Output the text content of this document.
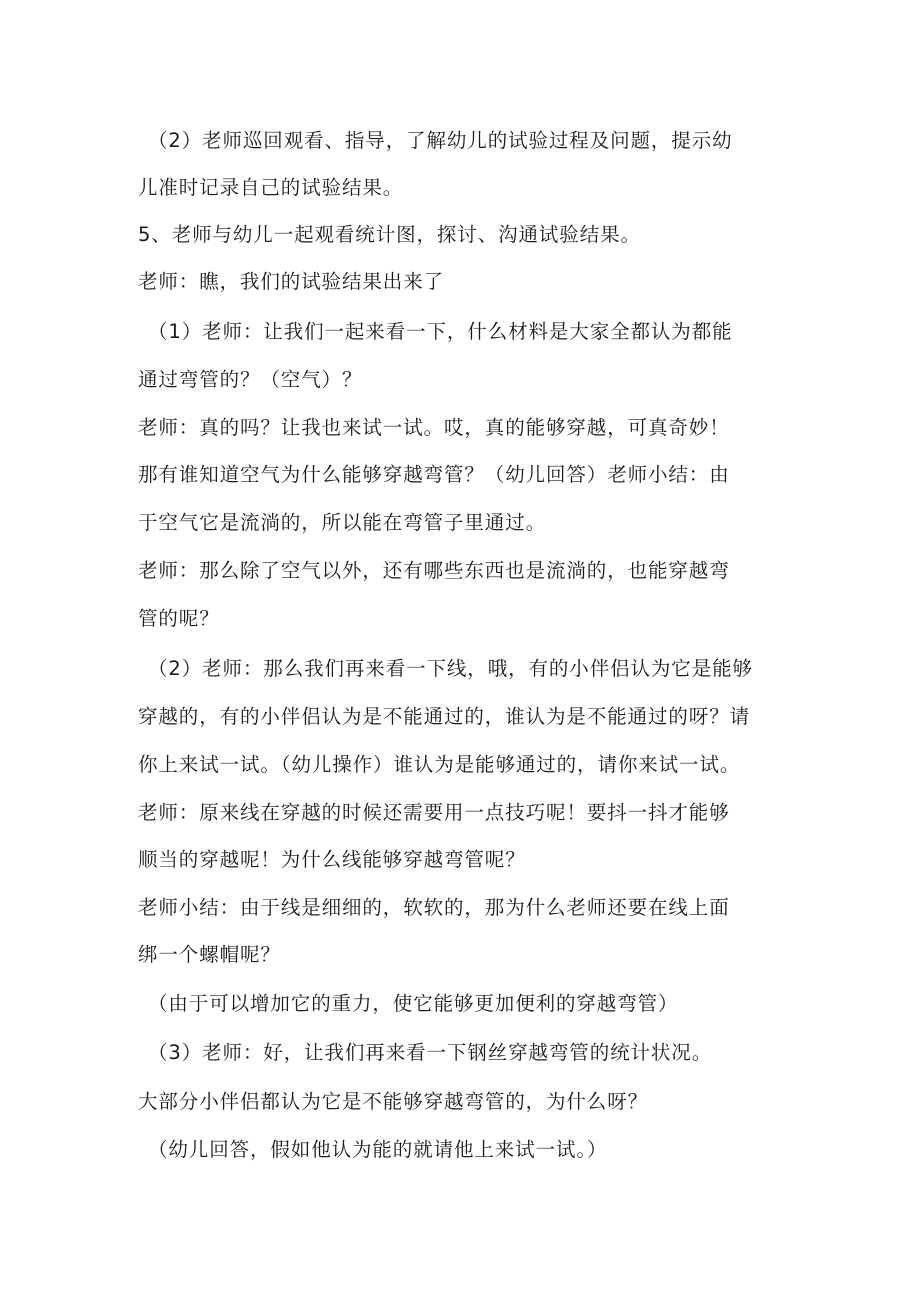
（2）老师巡回观看、指导，了解幼儿的试验过程及问题，提示幼
儿准时记录自己的试验结果。
5、老师与幼儿一起观看统计图，探讨、沟通试验结果。
老师：瞧，我们的试验结果出来了
（1）老师：让我们一起来看一下，什么材料是大家全都认为都能
通过弯管的？（空气）？
老师：真的吗？让我也来试一试。哎，真的能够穿越，可真奇妙！
那有谁知道空气为什么能够穿越弯管？（幼儿回答）老师小结：由
于空气它是流淌的，所以能在弯管子里通过。
老师：那么除了空气以外，还有哪些东西也是流淌的，也能穿越弯
管的呢？
（2）老师：那么我们再来看一下线，哦，有的小伴侣认为它是能够
穿越的，有的小伴侣认为是不能通过的，谁认为是不能通过的呀？请
你上来试一试。（幼儿操作）谁认为是能够通过的，请你来试一试。
老师：原来线在穿越的时候还需要用一点技巧呢！要抖一抖才能够
顺当的穿越呢！为什么线能够穿越弯管呢？
老师小结：由于线是细细的，软软的，那为什么老师还要在线上面
绑一个螺帽呢？
（由于可以增加它的重力，使它能够更加便利的穿越弯管）
（3）老师：好，让我们再来看一下钢丝穿越弯管的统计状况。
大部分小伴侣都认为它是不能够穿越弯管的，为什么呀？
（幼儿回答，假如他认为能的就请他上来试一试。）
